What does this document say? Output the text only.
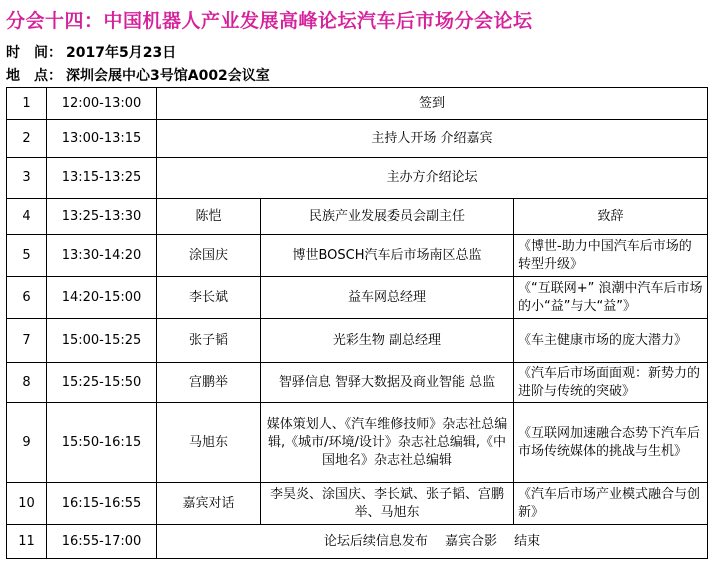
分会十四：中国机器人产业发展高峰论坛汽车后市场分会论坛
时　间： 2017年5月23日
地　点： 深圳会展中心3号馆A002会议室
1	12:00-13:00	签到		
2	13:00-13:15	主持人开场 介绍嘉宾		
3	13:15-13:25	主办方介绍论坛		
4	13:25-13:30	陈恺	民族产业发展委员会副主任	致辞
5	13:30-14:20	涂国庆	博世BOSCH汽车后市场南区总监	《博世-助力中国汽车后市场的转型升级》
6	14:20-15:00	李长斌	益车网总经理	《“互联网+” 浪潮中汽车后市场的小“益”与大“益”》
7	15:00-15:25	张子韬	光彩生物 副总经理	《车主健康市场的庞大潜力》
8	15:25-15:50	宫鹏举	智驿信息 智驿大数据及商业智能 总监	《汽车后市场面面观：新势力的进阶与传统的突破》
9	15:50-16:15	马旭东	媒体策划人、《汽车维修技师》杂志社总编辑,《城市/环境/设计》杂志社总编辑,《中国地名》杂志社总编辑	《互联网加速融合态势下汽车后市场传统媒体的挑战与生机》
10	16:15-16:55	嘉宾对话	李昊炎、涂国庆、李长斌、张子韬、宫鹏举、马旭东	《汽车后市场产业模式融合与创新》
11	16:55-17:00	论坛后续信息发布　 嘉宾合影　 结束		
